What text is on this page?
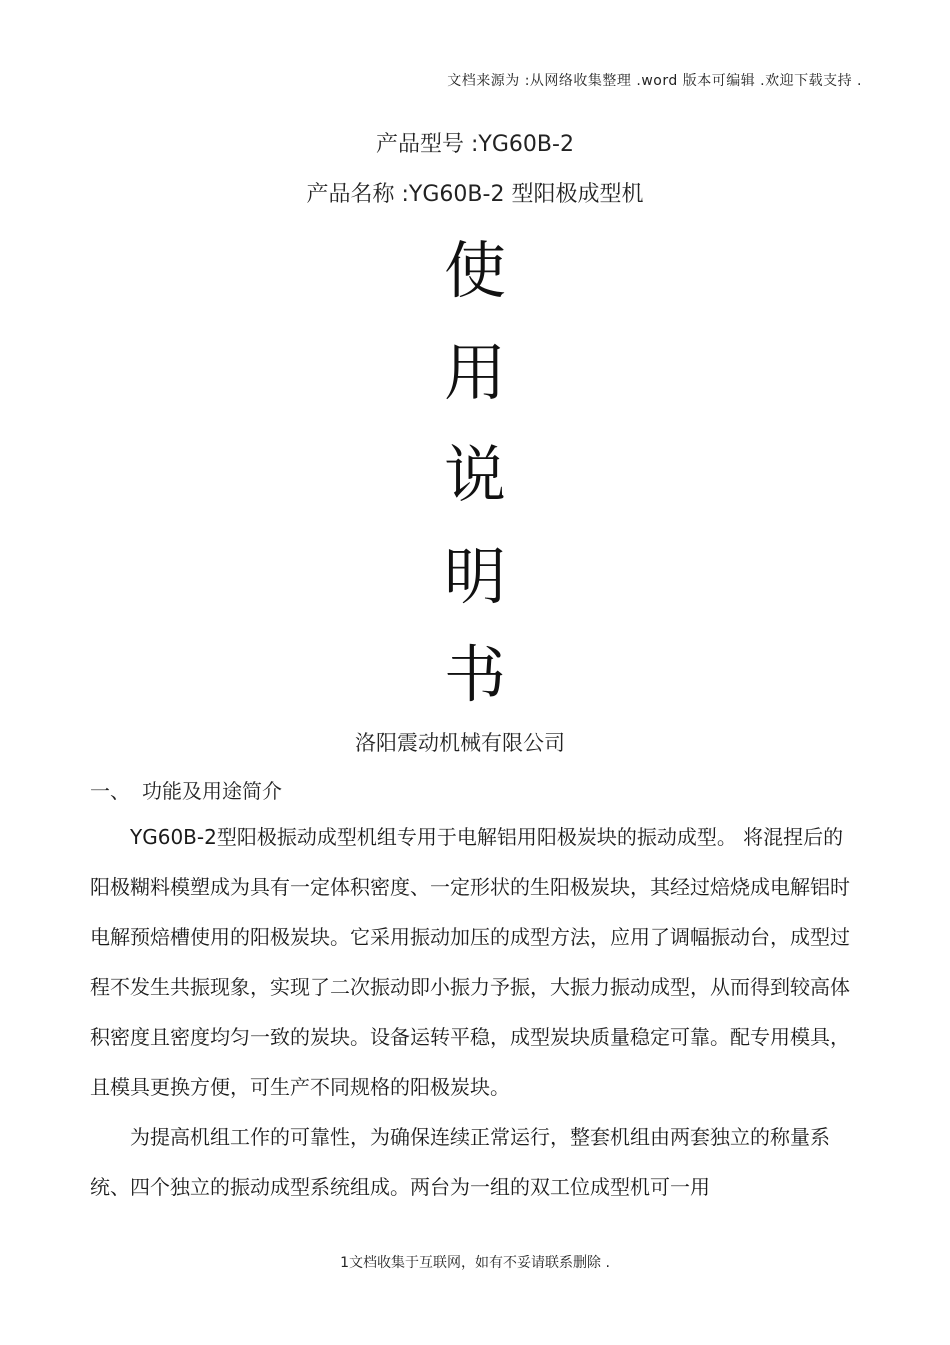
文档来源为 :从网络收集整理 .word 版本可编辑 .欢迎下载支持 .
产品型号 :YG60B-2
产品名称 :YG60B-2 型阳极成型机
使
用
说
明
书
洛阳震动机械有限公司
一、 功能及用途简介

YG60B-2型阳极振动成型机组专用于电解铝用阳极炭块的振动成型。 将混捏后的阳极糊料模塑成为具有一定体积密度、一定形状的生阳极炭块，其经过焙烧成电解铝时电解预焙槽使用的阳极炭块。它采用振动加压的成型方法，应用了调幅振动台，成型过程不发生共振现象，实现了二次振动即小振力予振，大振力振动成型，从而得到较高体积密度且密度均匀一致的炭块。设备运转平稳，成型炭块质量稳定可靠。配专用模具，且模具更换方便，可生产不同规格的阳极炭块。

为提高机组工作的可靠性，为确保连续正常运行，整套机组由两套独立的称量系统、四个独立的振动成型系统组成。两台为一组的双工位成型机可一用

1文档收集于互联网，如有不妥请联系删除 .
